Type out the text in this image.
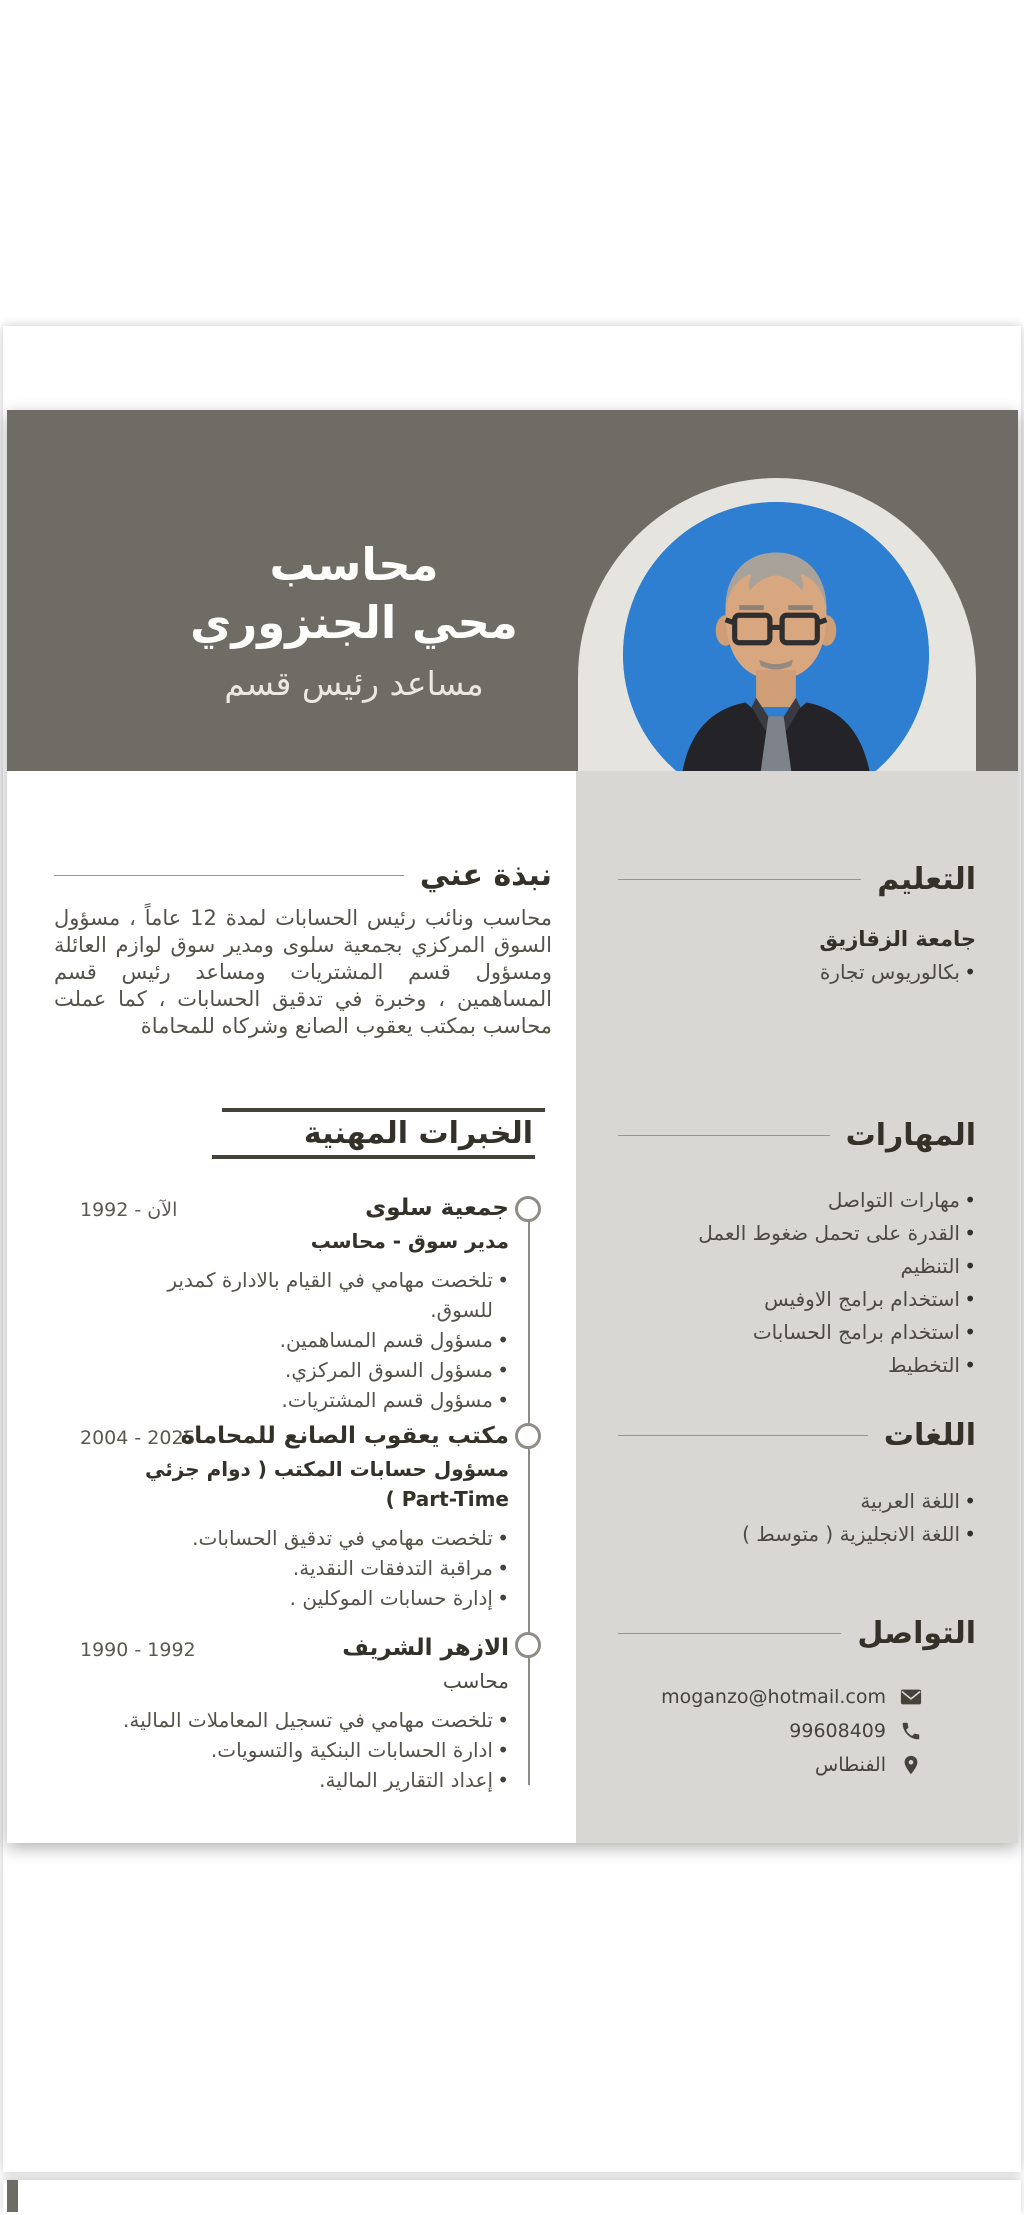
محاسب
محي الجنزوري
مساعد رئيس قسم
نبذة عني
محاسب ونائب رئيس الحسابات لمدة 12 عاماً ، مسؤول السوق المركزي بجمعية سلوى ومدير سوق لوازم العائلة ومسؤول قسم المشتريات ومساعد رئيس قسم المساهمين ، وخبرة في تدقيق الحسابات ، كما عملت محاسب بمكتب يعقوب الصانع وشركاه للمحاماة
الخبرات المهنية
1992 - الآن	جمعية سلوى
مدير سوق - محاسب
• تلخصت مهامي في القيام بالادارة كمدير للسوق.
• مسؤول قسم المساهمين.
• مسؤول السوق المركزي.
• مسؤول قسم المشتريات.
2004 - 2025
مكتب يعقوب الصانع للمحاماة
مسؤول حسابات المكتب ( دوام جزئي Part-Time )
• تلخصت مهامي في تدقيق الحسابات.
• مراقبة التدفقات النقدية.
• إدارة حسابات الموكلين .
1990 - 1992	الازهر الشريف
محاسب
• تلخصت مهامي في تسجيل المعاملات المالية.
• ادارة الحسابات البنكية والتسويات.
• إعداد التقارير المالية.
التعليم
جامعة الزقازيق
• بكالوريوس تجارة
المهارات
• مهارات التواصل
• القدرة على تحمل ضغوط العمل
• التنظيم
• استخدام برامج الاوفيس
• استخدام برامج الحسابات
• التخطيط
اللغات
• اللغة العربية
• اللغة الانجليزية ( متوسط )
التواصل
moganzo@hotmail.com
99608409
الفنطاس
